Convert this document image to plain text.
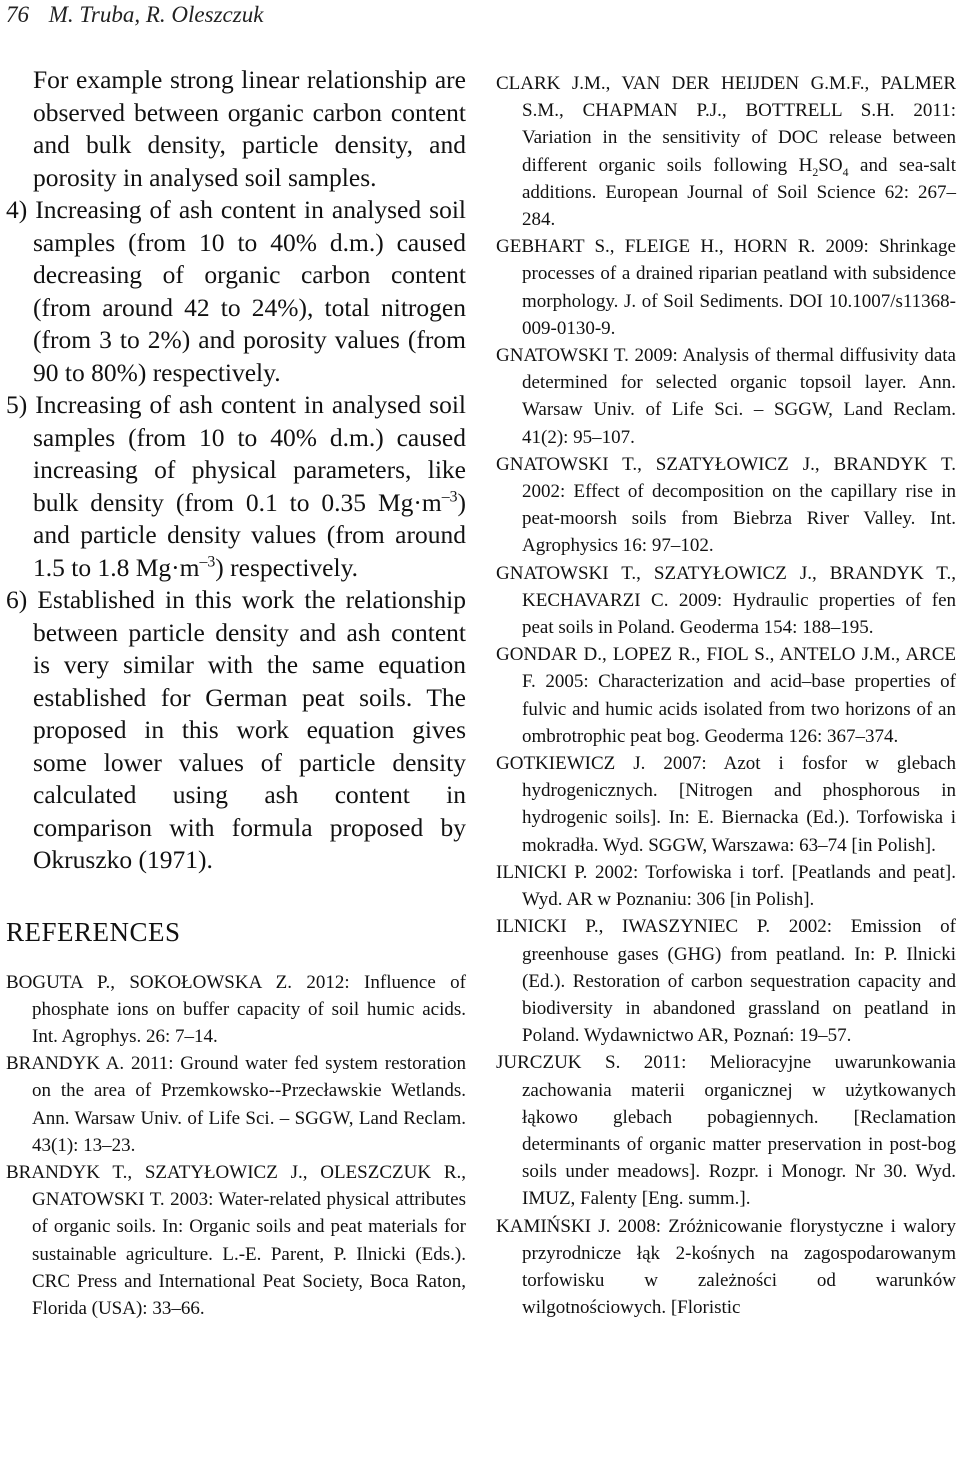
76 M. Truba, R. Oleszczuk

For example strong linear relationship are observed between organic carbon content and bulk density, particle density, and porosity in analysed soil samples.

4) Increasing of ash content in analysed soil samples (from 10 to 40% d.m.) caused decreasing of organic carbon content (from around 42 to 24%), total nitrogen (from 3 to 2%) and porosity values (from 90 to 80%) respectively.
5) Increasing of ash content in analysed soil samples (from 10 to 40% d.m.) caused increasing of physical parameters, like bulk density (from 0.1 to 0.35 $Mg\cdot m^{-3}$) and particle density values (from around 1.5 to 1.8 $Mg\cdot m^{-3}$) respectively.
6) Established in this work the relationship between particle density and ash content is very similar with the same equation established for German peat soils. The proposed in this work equation gives some lower values of particle density calculated using ash content in comparison with formula proposed by Okruszko (1971).
REFERENCES
BOGUTA P., SOKOŁOWSKA Z. 2012: Influence of phosphate ions on buffer capacity of soil humic acids. Int. Agrophys. 26: 7–14.
BRANDYK A. 2011: Ground water fed system restoration on the area of Przemkowsko--Przecławskie Wetlands. Ann. Warsaw Univ. of Life Sci. – SGGW, Land Reclam. 43(1): 13–23.
BRANDYK T., SZATYŁOWICZ J., OLESZCZUK R., GNATOWSKI T. 2003: Water-related physical attributes of organic soils. In: Organic soils and peat materials for sustainable agriculture. L.-E. Parent, P. Ilnicki (Eds.). CRC Press and International Peat Society, Boca Raton, Florida (USA): 33–66.
CLARK J.M., VAN DER HEIJDEN G.M.F., PALMER S.M., CHAPMAN P.J., BOTTRELL S.H. 2011: Variation in the sensitivity of DOC release between different organic soils following $H_2SO_4$ and sea-salt additions. European Journal of Soil Science 62: 267–284.
GEBHART S., FLEIGE H., HORN R. 2009: Shrinkage processes of a drained riparian peatland with subsidence morphology. J. of Soil Sediments. DOI 10.1007/s11368-009-0130-9.
GNATOWSKI T. 2009: Analysis of thermal diffusivity data determined for selected organic topsoil layer. Ann. Warsaw Univ. of Life Sci. – SGGW, Land Reclam. 41(2): 95–107.
GNATOWSKI T., SZATYŁOWICZ J., BRANDYK T. 2002: Effect of decomposition on the capillary rise in peat-moorsh soils from Biebrza River Valley. Int. Agrophysics 16: 97–102.
GNATOWSKI T., SZATYŁOWICZ J., BRANDYK T., KECHAVARZI C. 2009: Hydraulic properties of fen peat soils in Poland. Geoderma 154: 188–195.
GONDAR D., LOPEZ R., FIOL S., ANTELO J.M., ARCE F. 2005: Characterization and acid–base properties of fulvic and humic acids isolated from two horizons of an ombrotrophic peat bog. Geoderma 126: 367–374.
GOTKIEWICZ J. 2007: Azot i fosfor w glebach hydrogenicznych. [Nitrogen and phosphorous in hydrogenic soils]. In: E. Biernacka (Ed.). Torfowiska i mokradła. Wyd. SGGW, Warszawa: 63–74 [in Polish].
ILNICKI P. 2002: Torfowiska i torf. [Peatlands and peat]. Wyd. AR w Poznaniu: 306 [in Polish].
ILNICKI P., IWASZYNIEC P. 2002: Emission of greenhouse gases (GHG) from peatland. In: P. Ilnicki (Ed.). Restoration of carbon sequestration capacity and biodiversity in abandoned grassland on peatland in Poland. Wydawnictwo AR, Poznań: 19–57.
JURCZUK S. 2011: Melioracyjne uwarunkowania zachowania materii organicznej w użytkowanych łąkowo glebach pobagiennych. [Reclamation determinants of organic matter preservation in post-bog soils under meadows]. Rozpr. i Monogr. Nr 30. Wyd. IMUZ, Falenty [Eng. summ.].
KAMIŃSKI J. 2008: Zróżnicowanie florystyczne i walory przyrodnicze łąk 2-kośnych na zagospodarowanym torfowisku w zależności od warunków wilgotnościowych. [Floristic
